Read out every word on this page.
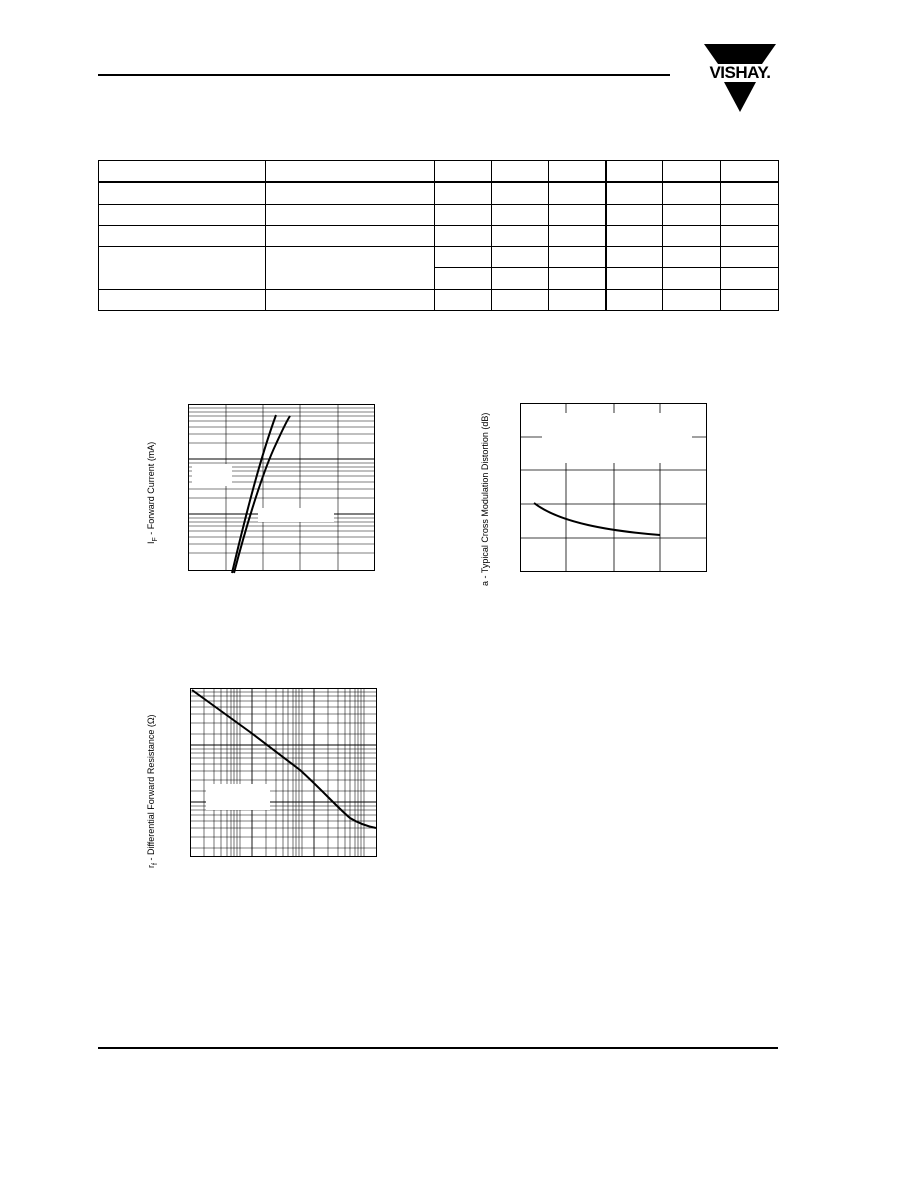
VISHAY.

$I_F$ - Forward Current (mA)	a - Typical Cross Modulation Distortion (dB)
$r_f$ - Differential Forward Resistance (Ω)
